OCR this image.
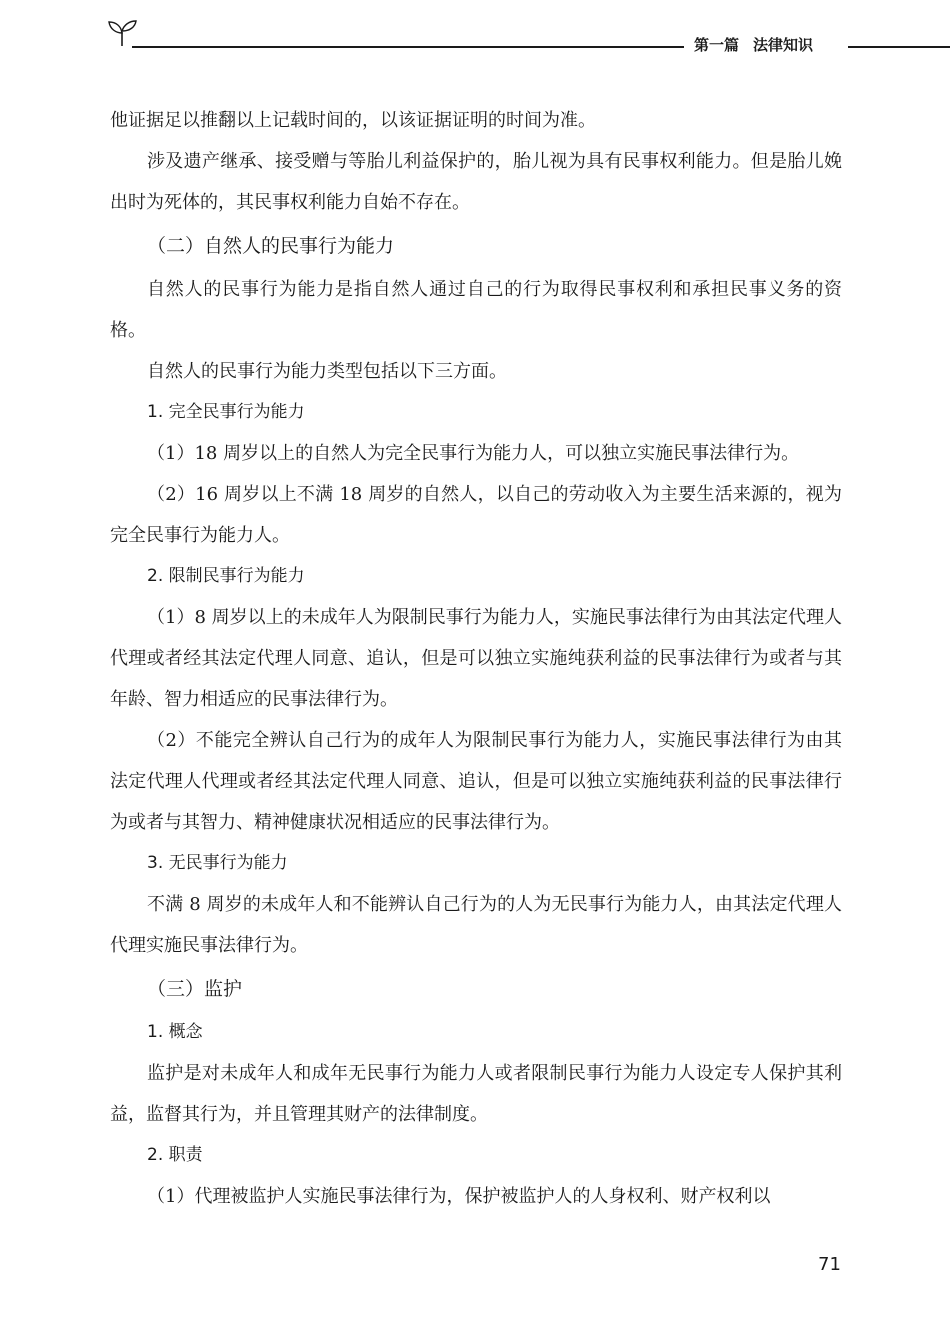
第一篇 法律知识

他证据足以推翻以上记载时间的，以该证据证明的时间为准。

涉及遗产继承、接受赠与等胎儿利益保护的，胎儿视为具有民事权利能力。但是胎儿娩出时为死体的，其民事权利能力自始不存在。

（二）自然人的民事行为能力

自然人的民事行为能力是指自然人通过自己的行为取得民事权利和承担民事义务的资格。

自然人的民事行为能力类型包括以下三方面。

1. 完全民事行为能力

（1）18 周岁以上的自然人为完全民事行为能力人，可以独立实施民事法律行为。

（2）16 周岁以上不满 18 周岁的自然人，以自己的劳动收入为主要生活来源的，视为完全民事行为能力人。

2. 限制民事行为能力

（1）8 周岁以上的未成年人为限制民事行为能力人，实施民事法律行为由其法定代理人代理或者经其法定代理人同意、追认，但是可以独立实施纯获利益的民事法律行为或者与其年龄、智力相适应的民事法律行为。

（2）不能完全辨认自己行为的成年人为限制民事行为能力人，实施民事法律行为由其法定代理人代理或者经其法定代理人同意、追认，但是可以独立实施纯获利益的民事法律行为或者与其智力、精神健康状况相适应的民事法律行为。

3. 无民事行为能力

不满 8 周岁的未成年人和不能辨认自己行为的人为无民事行为能力人，由其法定代理人代理实施民事法律行为。

（三）监护

1. 概念

监护是对未成年人和成年无民事行为能力人或者限制民事行为能力人设定专人保护其利益，监督其行为，并且管理其财产的法律制度。

2. 职责

（1）代理被监护人实施民事法律行为，保护被监护人的人身权利、财产权利以

71
